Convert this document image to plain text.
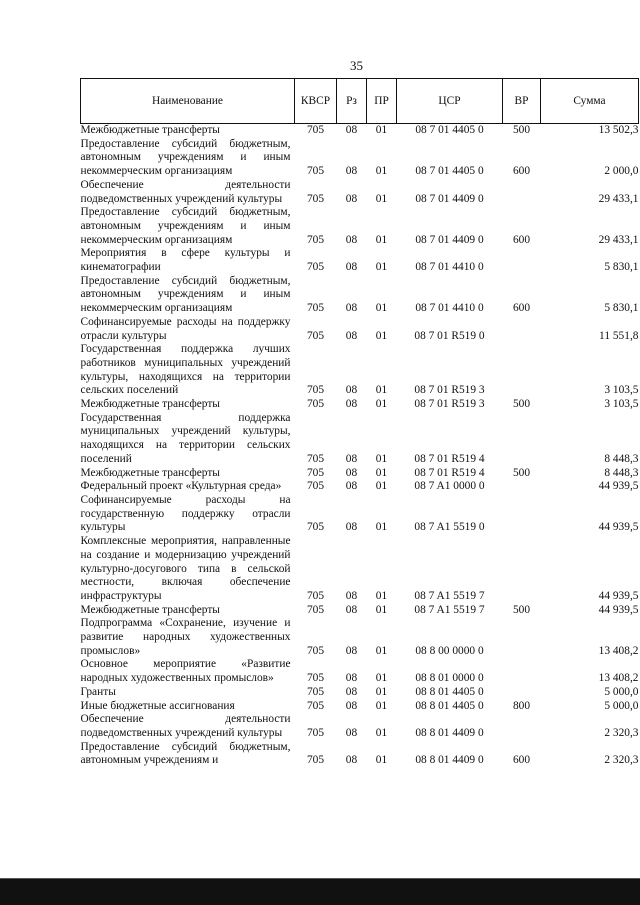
35
Наименование	КВСР	Рз	ПР	ЦСР	ВР	Сумма
Межбюджетные трансферты	705	08	01	08 7 01 4405 0	500	13 502,3
Предоставление субсидий бюджетным, автономным учреждениям и иным некоммерческим организациям	705	08	01	08 7 01 4405 0	600	2 000,0
Обеспечение деятельности подведомственных учреждений культуры	705	08	01	08 7 01 4409 0		29 433,1
Предоставление субсидий бюджетным, автономным учреждениям и иным некоммерческим организациям	705	08	01	08 7 01 4409 0	600	29 433,1
Мероприятия в сфере культуры и кинематографии	705	08	01	08 7 01 4410 0		5 830,1
Предоставление субсидий бюджетным, автономным учреждениям и иным некоммерческим организациям	705	08	01	08 7 01 4410 0	600	5 830,1
Софинансируемые расходы на поддержку отрасли культуры	705	08	01	08 7 01 R519 0		11 551,8
Государственная поддержка лучших работников муниципальных учреждений культуры, находящихся на территории сельских поселений	705	08	01	08 7 01 R519 3		3 103,5
Межбюджетные трансферты	705	08	01	08 7 01 R519 3	500	3 103,5
Государственная поддержка муниципальных учреждений культуры, находящихся на территории сельских поселений	705	08	01	08 7 01 R519 4		8 448,3
Межбюджетные трансферты	705	08	01	08 7 01 R519 4	500	8 448,3
Федеральный проект «Культурная среда»	705	08	01	08 7 A1 0000 0		44 939,5
Софинансируемые расходы на государственную поддержку отрасли культуры	705	08	01	08 7 A1 5519 0		44 939,5
Комплексные мероприятия, направленные на создание и модернизацию учреждений культурно-досугового типа в сельской местности, включая обеспечение инфраструктуры	705	08	01	08 7 A1 5519 7		44 939,5
Межбюджетные трансферты	705	08	01	08 7 A1 5519 7	500	44 939,5
Подпрограмма «Сохранение, изучение и развитие народных художественных промыслов»	705	08	01	08 8 00 0000 0		13 408,2
Основное мероприятие «Развитие народных художественных промыслов»	705	08	01	08 8 01 0000 0		13 408,2
Гранты	705	08	01	08 8 01 4405 0		5 000,0
Иные бюджетные ассигнования	705	08	01	08 8 01 4405 0	800	5 000,0
Обеспечение деятельности подведомственных учреждений культуры	705	08	01	08 8 01 4409 0		2 320,3
Предоставление субсидий бюджетным, автономным учреждениям и	705	08	01	08 8 01 4409 0	600	2 320,3
